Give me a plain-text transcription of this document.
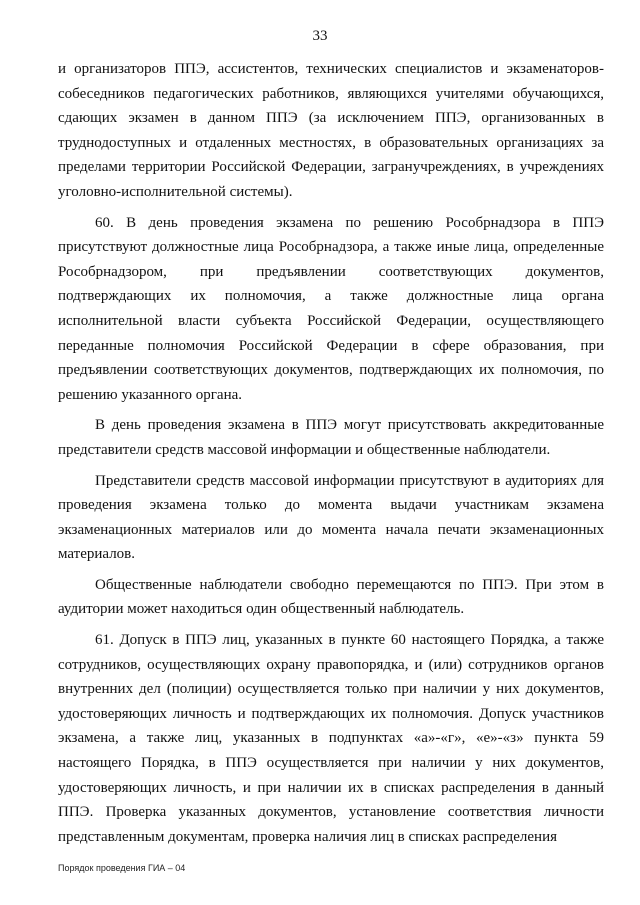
33

и организаторов ППЭ, ассистентов, технических специалистов и экзаменаторов-собеседников педагогических работников, являющихся учителями обучающихся, сдающих экзамен в данном ППЭ (за исключением ППЭ, организованных в труднодоступных и отдаленных местностях, в образовательных организациях за пределами территории Российской Федерации, загранучреждениях, в учреждениях уголовно-исполнительной системы).

60. В день проведения экзамена по решению Рособрнадзора в ППЭ присутствуют должностные лица Рособрнадзора, а также иные лица, определенные Рособрнадзором, при предъявлении соответствующих документов, подтверждающих их полномочия, а также должностные лица органа исполнительной власти субъекта Российской Федерации, осуществляющего переданные полномочия Российской Федерации в сфере образования, при предъявлении соответствующих документов, подтверждающих их полномочия, по решению указанного органа.

В день проведения экзамена в ППЭ могут присутствовать аккредитованные представители средств массовой информации и общественные наблюдатели.

Представители средств массовой информации присутствуют в аудиториях для проведения экзамена только до момента выдачи участникам экзамена экзаменационных материалов или до момента начала печати экзаменационных материалов.

Общественные наблюдатели свободно перемещаются по ППЭ. При этом в аудитории может находиться один общественный наблюдатель.

61. Допуск в ППЭ лиц, указанных в пункте 60 настоящего Порядка, а также сотрудников, осуществляющих охрану правопорядка, и (или) сотрудников органов внутренних дел (полиции) осуществляется только при наличии у них документов, удостоверяющих личность и подтверждающих их полномочия. Допуск участников экзамена, а также лиц, указанных в подпунктах «а»-«г», «е»-«з» пункта 59 настоящего Порядка, в ППЭ осуществляется при наличии у них документов, удостоверяющих личность, и при наличии их в списках распределения в данный ППЭ. Проверка указанных документов, установление соответствия личности представленным документам, проверка наличия лиц в списках распределения

Порядок проведения ГИА – 04
